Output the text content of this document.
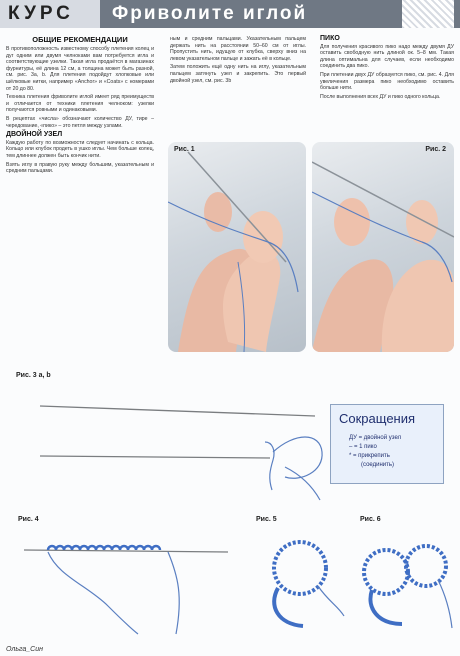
КУРС Фриволите иглой
ОБЩИЕ РЕКОМЕНДАЦИИ

В противоположность известному способу плетения колец и дуг одним или двумя челноками вам потребуется игла и соответствующие узелки. Такая игла продаётся в магазинах фурнитуры, её длина 12 см, а толщина может быть разной, см. рис. 3а, b. Для плетения подойдут хлопковые или шёлковые нитки, например «Anchor» и «Coats» с номерами от 20 до 80.

Техника плетения фриволите иглой имеет ряд преимуществ и отличается от техники плетения челноком: узелки получаются ровными и одинаковыми.

В рецептах «числа» обозначают количество ДУ, тире – чередование, «пико» – это петля между узлами.

ДВОЙНОЙ УЗЕЛ

Каждую работу по возможности следует начинать с кольца. Кольцо или клубок продеть в ушко иглы. Чем больше колец, тем длиннее должен быть кончик нити.

Взять иглу в правую руку между большим, указательным и средним пальцами.

ным и средним пальцами. Указательным пальцем держать нить на расстоянии 50–60 см от иглы. Пропустить нить, идущую от клубка, сверху вниз на левом указательном пальце и зажать её в кольце.

Затем положить ещё одну нить на иглу, указательным пальцем затянуть узел и закрепить. Это первый двойной узел, см. рис. 3b

ПИКО

Для получения красивого пико надо между двумя ДУ оставить свободную нить длиной ок. 5–8 мм. Такая длина оптимальна для случаев, если необходимо соединить два пико.

При плетении двух ДУ образуется пико, см. рис. 4. Для увеличения размера пико необходимо оставить больше нити.

После выполнения всех ДУ и пико одного кольца.

Рис. 1	Рис. 2
Рис. 3 а, b
Сокращения
ДУ = двойной узел
– = 1 пико
* = прикрепить
(соединить)
Рис. 4	Рис. 5	Рис. 6
Ольга_Син
